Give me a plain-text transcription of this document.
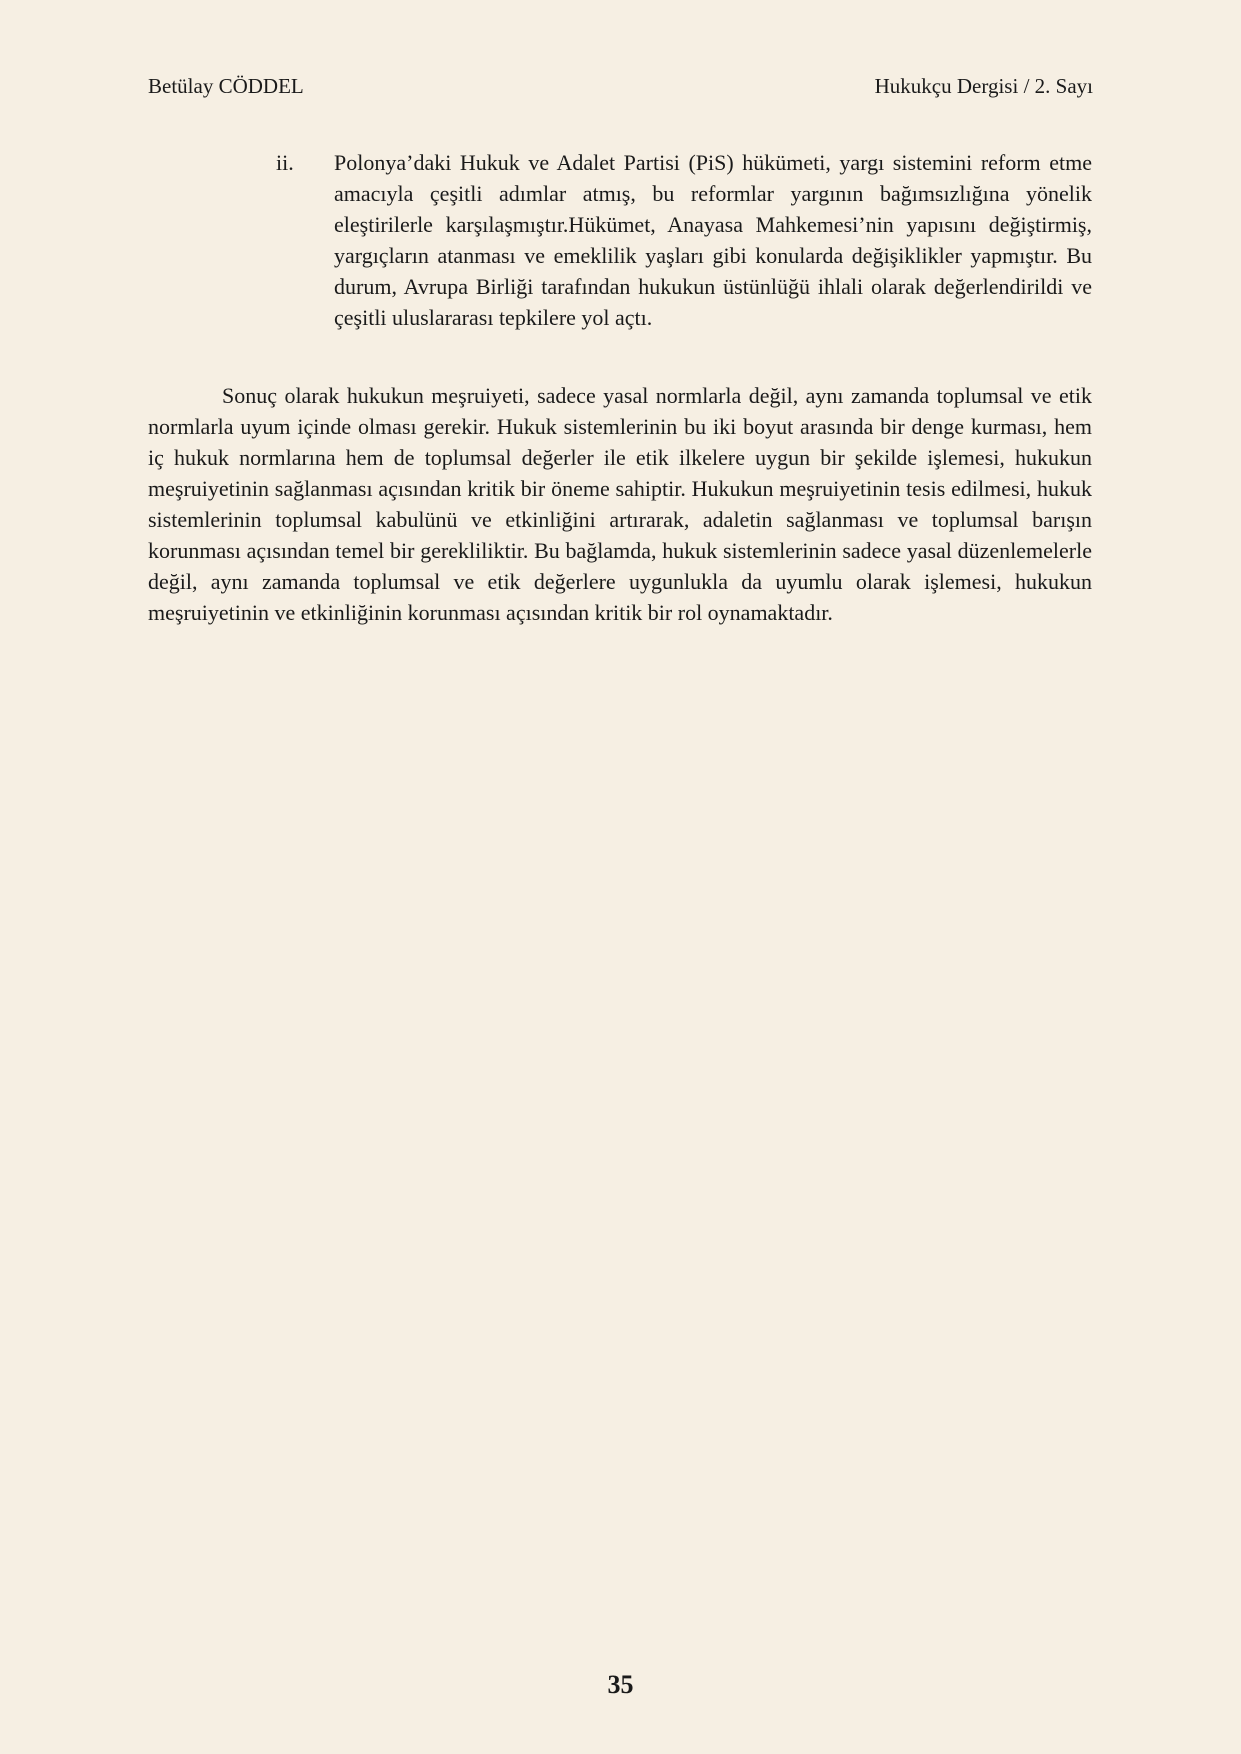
Betülay CÖDDEL	Hukukçu Dergisi / 2. Sayı
ii. Polonya’daki Hukuk ve Adalet Partisi (PiS) hükümeti, yargı sistemini reform etme amacıyla çeşitli adımlar atmış, bu reformlar yargının bağımsızlığına yönelik eleştirilerle karşılaşmıştır.Hükümet, Anayasa Mahkemesi’nin yapısını değiştirmiş, yargıçların atanması ve emeklilik yaşları gibi konularda değişiklikler yapmıştır. Bu durum, Avrupa Birliği tarafından hukukun üstünlüğü ihlali olarak değerlendirildi ve çeşitli uluslararası tepkilere yol açtı.

Sonuç olarak hukukun meşruiyeti, sadece yasal normlarla değil, aynı zamanda toplumsal ve etik normlarla uyum içinde olması gerekir. Hukuk sistemlerinin bu iki boyut arasında bir denge kurması, hem iç hukuk normlarına hem de toplumsal değerler ile etik ilkelere uygun bir şekilde işlemesi, hukukun meşruiyetinin sağlanması açısından kritik bir öneme sahiptir. Hukukun meşruiyetinin tesis edilmesi, hukuk sistemlerinin toplumsal kabulünü ve etkinliğini artırarak, adaletin sağlanması ve toplumsal barışın korunması açısından temel bir gerekliliktir. Bu bağlamda, hukuk sistemlerinin sadece yasal düzenlemelerle değil, aynı zamanda toplumsal ve etik değerlere uygunlukla da uyumlu olarak işlemesi, hukukun meşruiyetinin ve etkinliğinin korunması açısından kritik bir rol oynamaktadır.

35
